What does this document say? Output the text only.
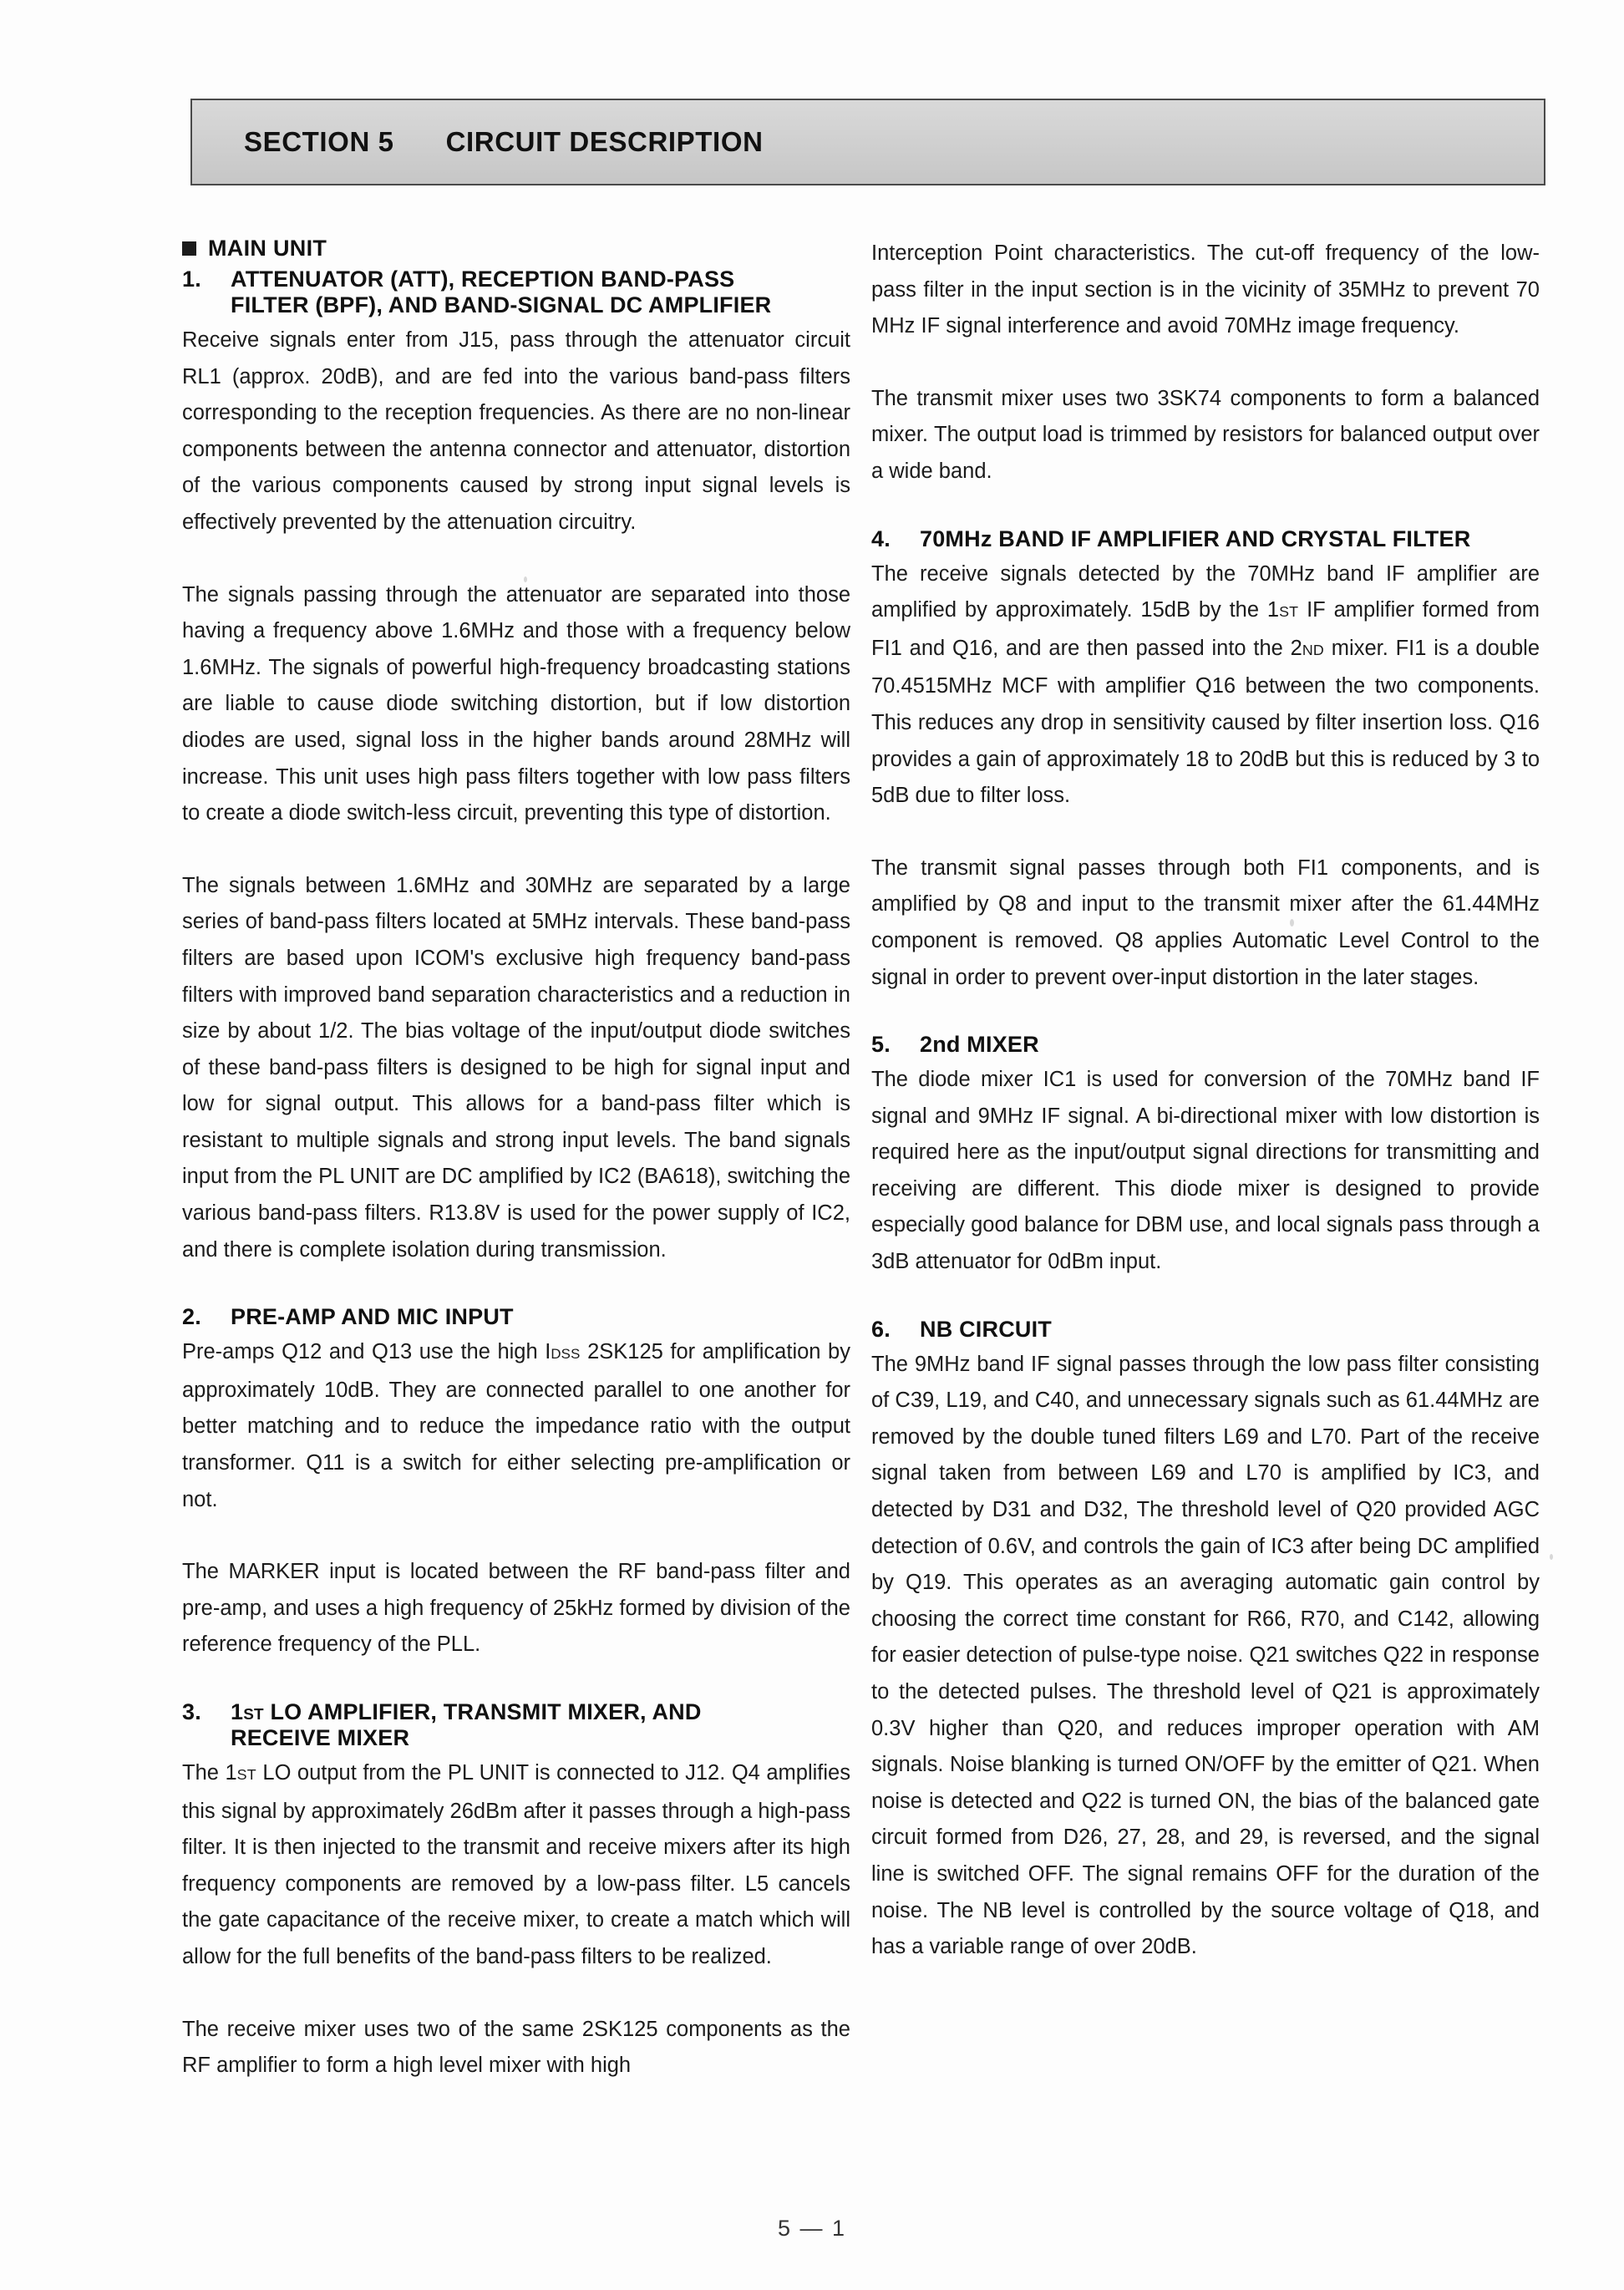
SECTION 5 CIRCUIT DESCRIPTION
MAIN UNIT
1.	ATTENUATOR (ATT), RECEPTION BAND-PASS
FILTER (BPF), AND BAND-SIGNAL DC AMPLIFIER

Receive signals enter from J15, pass through the attenuator circuit RL1 (approx. 20dB), and are fed into the various band-pass filters corresponding to the reception frequencies. As there are no non-linear components between the antenna connector and attenuator, distortion of the various components caused by strong input signal levels is effectively prevented by the attenuation circuitry.

The signals passing through the attenuator are separated into those having a frequency above 1.6MHz and those with a frequency below 1.6MHz. The signals of powerful high-frequency broadcasting stations are liable to cause diode switching distortion, but if low distortion diodes are used, signal loss in the higher bands around 28MHz will increase. This unit uses high pass filters together with low pass filters to create a diode switch-less circuit, preventing this type of distortion.

The signals between 1.6MHz and 30MHz are separated by a large series of band-pass filters located at 5MHz intervals. These band-pass filters are based upon ICOM's exclusive high frequency band-pass filters with improved band separation characteristics and a reduction in size by about 1/2. The bias voltage of the input/output diode switches of these band-pass filters is designed to be high for signal input and low for signal output. This allows for a band-pass filter which is resistant to multiple signals and strong input levels. The band signals input from the PL UNIT are DC amplified by IC2 (BA618), switching the various band-pass filters. R13.8V is used for the power supply of IC2, and there is complete isolation during transmission.

2.	PRE-AMP AND MIC INPUT

Pre-amps Q12 and Q13 use the high IDSS 2SK125 for amplification by approximately 10dB. They are connected parallel to one another for better matching and to reduce the impedance ratio with the output transformer. Q11 is a switch for either selecting pre-amplification or not.

The MARKER input is located between the RF band-pass filter and pre-amp, and uses a high frequency of 25kHz formed by division of the reference frequency of the PLL.

3.	1ST LO AMPLIFIER, TRANSMIT MIXER, AND
RECEIVE MIXER

The 1ST LO output from the PL UNIT is connected to J12. Q4 amplifies this signal by approximately 26dBm after it passes through a high-pass filter. It is then injected to the transmit and receive mixers after its high frequency components are removed by a low-pass filter. L5 cancels the gate capacitance of the receive mixer, to create a match which will allow for the full benefits of the band-pass filters to be realized.

The receive mixer uses two of the same 2SK125 components as the RF amplifier to form a high level mixer with high

Interception Point characteristics. The cut-off frequency of the low-pass filter in the input section is in the vicinity of 35MHz to prevent 70 MHz IF signal interference and avoid 70MHz image frequency.

The transmit mixer uses two 3SK74 components to form a balanced mixer. The output load is trimmed by resistors for balanced output over a wide band.

4.	70MHz BAND IF AMPLIFIER AND CRYSTAL FILTER

The receive signals detected by the 70MHz band IF amplifier are amplified by approximately. 15dB by the 1ST IF amplifier formed from FI1 and Q16, and are then passed into the 2ND mixer. FI1 is a double 70.4515MHz MCF with amplifier Q16 between the two components. This reduces any drop in sensitivity caused by filter insertion loss. Q16 provides a gain of approximately 18 to 20dB but this is reduced by 3 to 5dB due to filter loss.

The transmit signal passes through both FI1 components, and is amplified by Q8 and input to the transmit mixer after the 61.44MHz component is removed. Q8 applies Automatic Level Control to the signal in order to prevent over-input distortion in the later stages.

5.	2nd MIXER

The diode mixer IC1 is used for conversion of the 70MHz band IF signal and 9MHz IF signal. A bi-directional mixer with low distortion is required here as the input/output signal directions for transmitting and receiving are different. This diode mixer is designed to provide especially good balance for DBM use, and local signals pass through a 3dB attenuator for 0dBm input.

6.	NB CIRCUIT

The 9MHz band IF signal passes through the low pass filter consisting of C39, L19, and C40, and unnecessary signals such as 61.44MHz are removed by the double tuned filters L69 and L70. Part of the receive signal taken from between L69 and L70 is amplified by IC3, and detected by D31 and D32, The threshold level of Q20 provided AGC detection of 0.6V, and controls the gain of IC3 after being DC amplified by Q19. This operates as an averaging automatic gain control by choosing the correct time constant for R66, R70, and C142, allowing for easier detection of pulse-type noise. Q21 switches Q22 in response to the detected pulses. The threshold level of Q21 is approximately 0.3V higher than Q20, and reduces improper operation with AM signals. Noise blanking is turned ON/OFF by the emitter of Q21. When noise is detected and Q22 is turned ON, the bias of the balanced gate circuit formed from D26, 27, 28, and 29, is reversed, and the signal line is switched OFF. The signal remains OFF for the duration of the noise. The NB level is controlled by the source voltage of Q18, and has a variable range of over 20dB.

5 — 1
